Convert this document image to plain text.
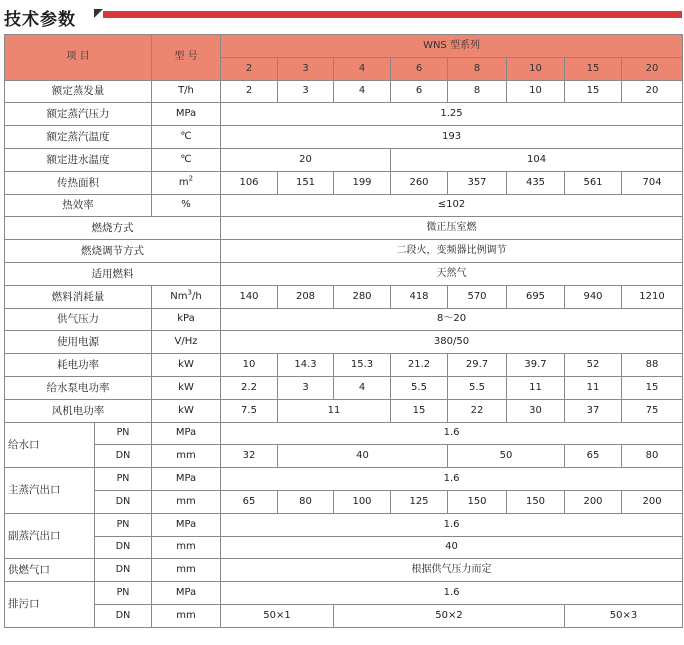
技术参数
项 目		型 号	WNS 型系列							
			2	3	4	6	8	10	15	20
额定蒸发量		T/h	2	3	4	6	8	10	15	20
额定蒸汽压力		MPa	1.25							
额定蒸汽温度		℃	193							
额定进水温度		℃	20			104				
传热面积		$m^2$	106	151	199	260	357	435	561	704
热效率		%	≤102							
燃烧方式			微正压室燃							
燃烧调节方式			二段火，变频器比例调节							
适用燃料			天然气							
燃料消耗量		Nm$^3$/h	140	208	280	418	570	695	940	1210
供气压力		kPa	8～20							
使用电源		V/Hz	380/50							
耗电功率		kW	10	14.3	15.3	21.2	29.7	39.7	52	88
给水泵电功率		kW	2.2	3	4	5.5	5.5	11	11	15
风机电功率		kW	7.5	11		15	22	30	37	75
给水口	PN	MPa	1.6							
	DN	mm	32	40			50		65	80
主蒸汽出口	PN	MPa	1.6							
	DN	mm	65	80	100	125	150	150	200	200
副蒸汽出口	PN	MPa	1.6							
	DN	mm	40							
供燃气口	DN	mm	根据供气压力而定							
排污口	PN	MPa	1.6							
	DN	mm	50×1		50×2				50×3	
